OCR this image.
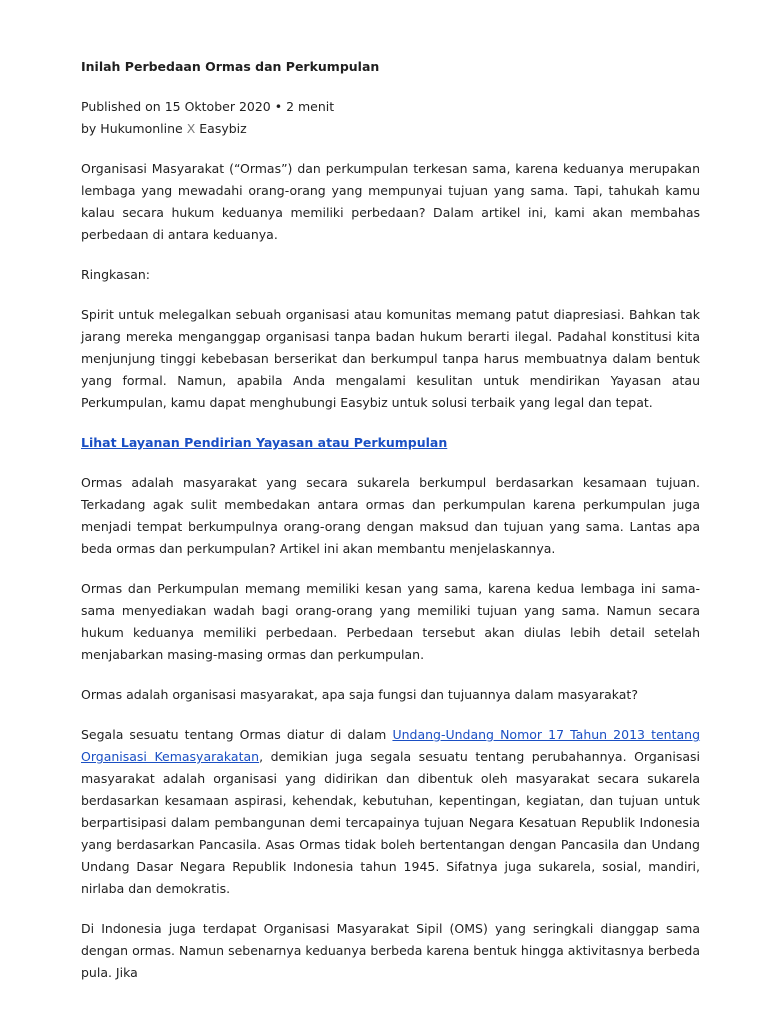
Inilah Perbedaan Ormas dan Perkumpulan
Published on 15 Oktober 2020 • 2 menit
by Hukumonline X Easybiz

Organisasi Masyarakat (“Ormas”) dan perkumpulan terkesan sama, karena keduanya merupakan lembaga yang mewadahi orang-orang yang mempunyai tujuan yang sama. Tapi, tahukah kamu kalau secara hukum keduanya memiliki perbedaan? Dalam artikel ini, kami akan membahas perbedaan di antara keduanya.

Ringkasan:

Spirit untuk melegalkan sebuah organisasi atau komunitas memang patut diapresiasi. Bahkan tak jarang mereka menganggap organisasi tanpa badan hukum berarti ilegal. Padahal konstitusi kita menjunjung tinggi kebebasan berserikat dan berkumpul tanpa harus membuatnya dalam bentuk yang formal. Namun, apabila Anda mengalami kesulitan untuk mendirikan Yayasan atau Perkumpulan, kamu dapat menghubungi Easybiz untuk solusi terbaik yang legal dan tepat.

Lihat Layanan Pendirian Yayasan atau Perkumpulan

Ormas adalah masyarakat yang secara sukarela berkumpul berdasarkan kesamaan tujuan. Terkadang agak sulit membedakan antara ormas dan perkumpulan karena perkumpulan juga menjadi tempat berkumpulnya orang-orang dengan maksud dan tujuan yang sama. Lantas apa beda ormas dan perkumpulan? Artikel ini akan membantu menjelaskannya.

Ormas dan Perkumpulan memang memiliki kesan yang sama, karena kedua lembaga ini sama-sama menyediakan wadah bagi orang-orang yang memiliki tujuan yang sama. Namun secara hukum keduanya memiliki perbedaan. Perbedaan tersebut akan diulas lebih detail setelah menjabarkan masing-masing ormas dan perkumpulan.

Ormas adalah organisasi masyarakat, apa saja fungsi dan tujuannya dalam masyarakat?

Segala sesuatu tentang Ormas diatur di dalam Undang-Undang Nomor 17 Tahun 2013 tentang Organisasi Kemasyarakatan, demikian juga segala sesuatu tentang perubahannya. Organisasi masyarakat adalah organisasi yang didirikan dan dibentuk oleh masyarakat secara sukarela berdasarkan kesamaan aspirasi, kehendak, kebutuhan, kepentingan, kegiatan, dan tujuan untuk berpartisipasi dalam pembangunan demi tercapainya tujuan Negara Kesatuan Republik Indonesia yang berdasarkan Pancasila. Asas Ormas tidak boleh bertentangan dengan Pancasila dan Undang Undang Dasar Negara Republik Indonesia tahun 1945. Sifatnya juga sukarela, sosial, mandiri, nirlaba dan demokratis.

Di Indonesia juga terdapat Organisasi Masyarakat Sipil (OMS) yang seringkali dianggap sama dengan ormas. Namun sebenarnya keduanya berbeda karena bentuk hingga aktivitasnya berbeda pula. Jika
